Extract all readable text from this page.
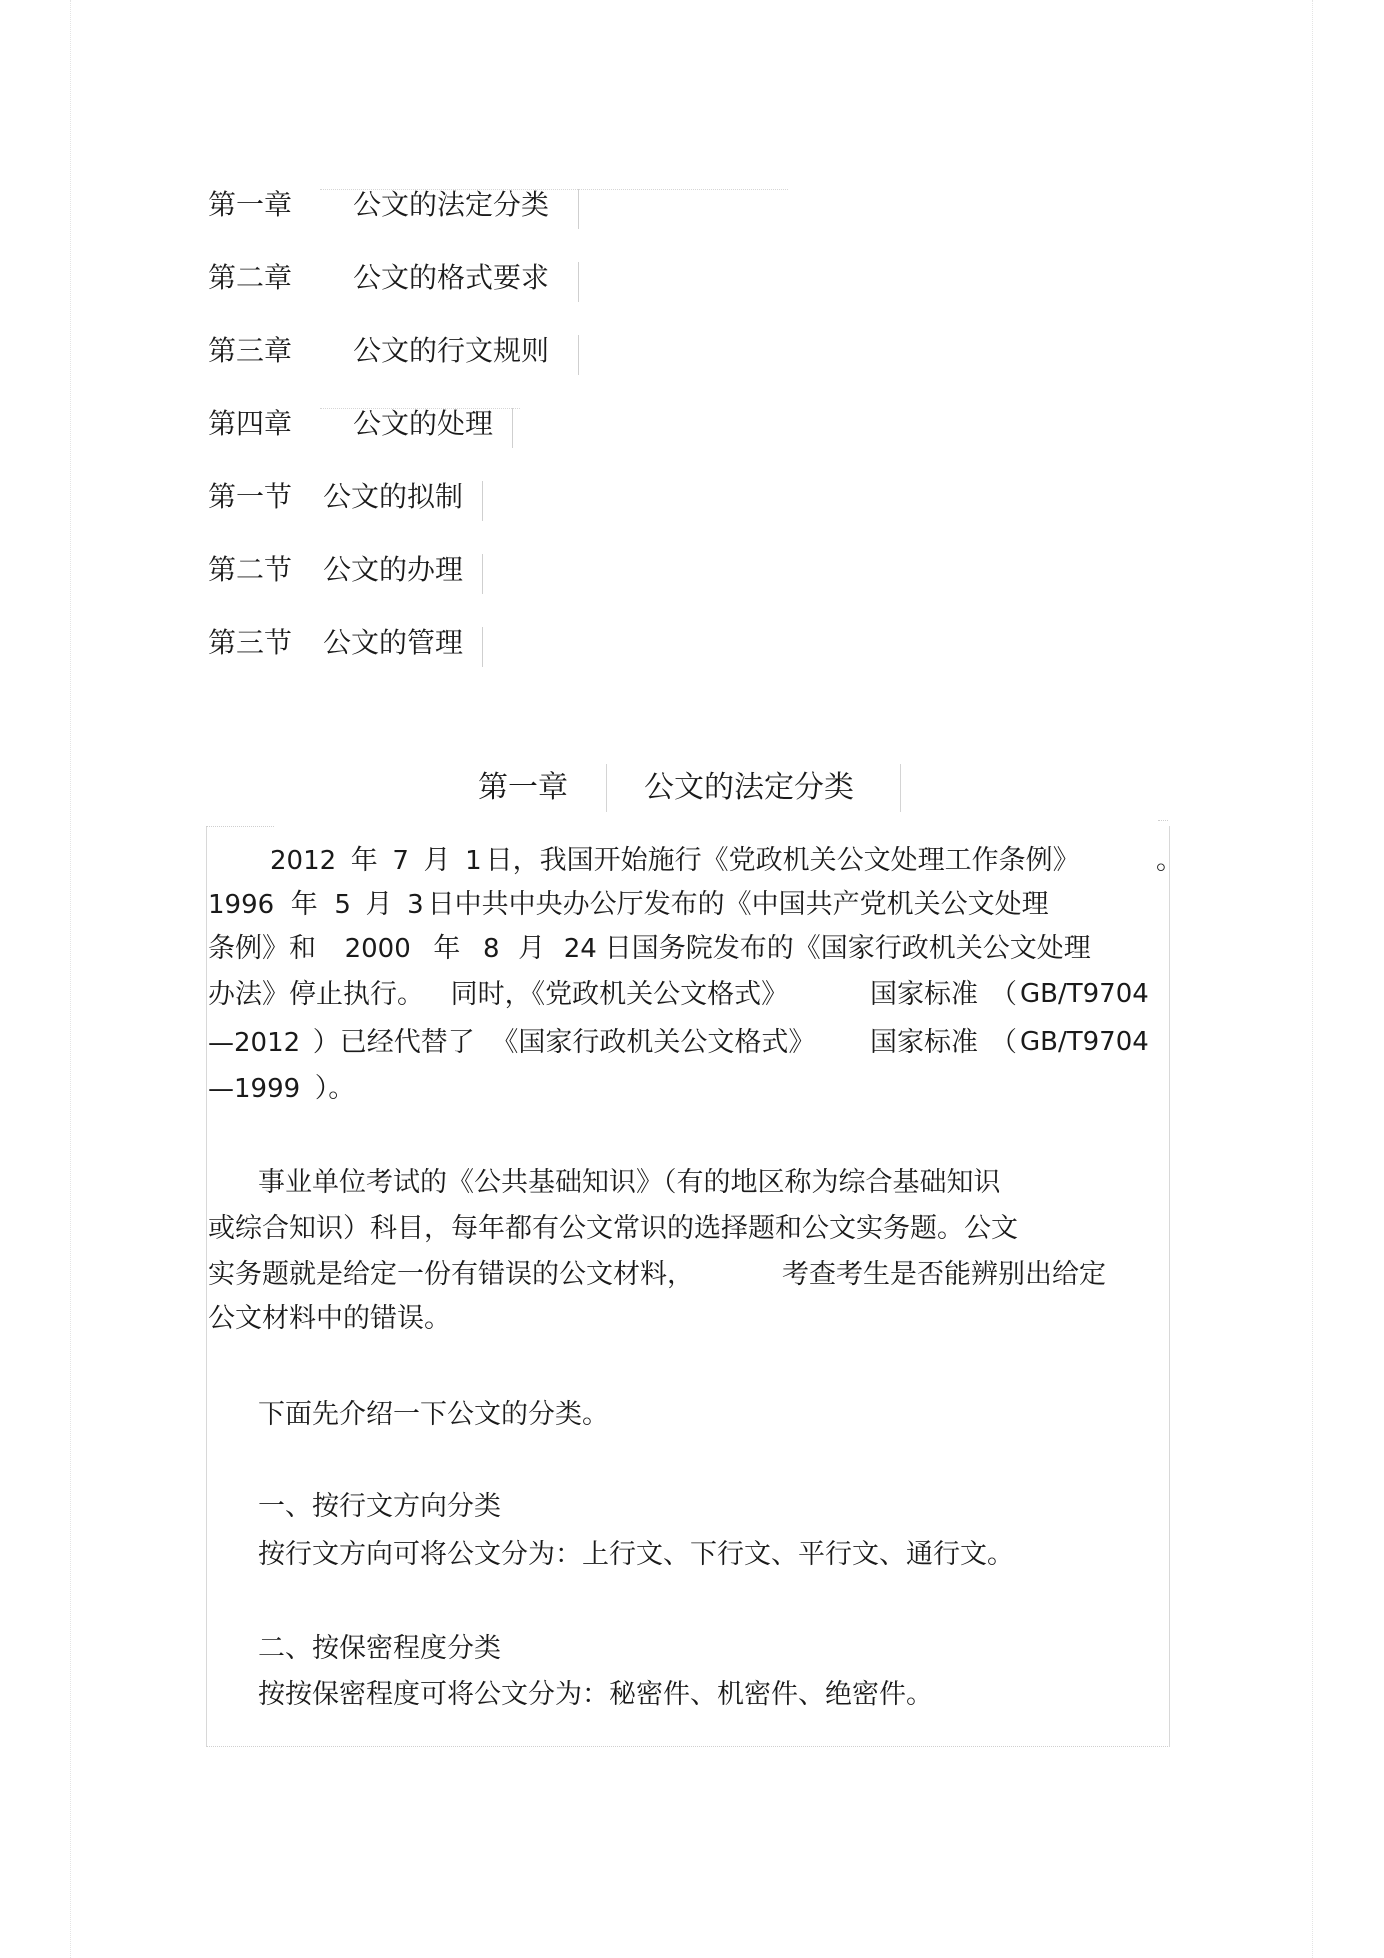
第一章 公文的法定分类
第二章 公文的格式要求
第三章 公文的行文规则
第四章 公文的处理
第一节 公文的拟制
第二节 公文的办理
第三节 公文的管理
第一章	公文的法定分类
2012 年 7 月 1 日，我国开始施行《党政机关公文处理工作条例》	。
1996 年 5 月 3 日中共中央办公厅发布的《中国共产党机关公文处理
条例》和 2000 年 8 月 24 日国务院发布的《国家行政机关公文处理
办法》停止执行。 同时，《党政机关公文格式》	国家标准 （ GB/T9704
—2012 ）已经代替了 《国家行政机关公文格式》 国家标准 （ GB/T9704
—1999 ）。
事业单位考试的《公共基础知识》（有的地区称为综合基础知识
或综合知识）科目，每年都有公文常识的选择题和公文实务题。公文
实务题就是给定一份有错误的公文材料，	考查考生是否能辨别出给定
公文材料中的错误。
下面先介绍一下公文的分类。
一、按行文方向分类
按行文方向可将公文分为：上行文、下行文、平行文、通行文。
二、按保密程度分类
按按保密程度可将公文分为：秘密件、机密件、绝密件。
